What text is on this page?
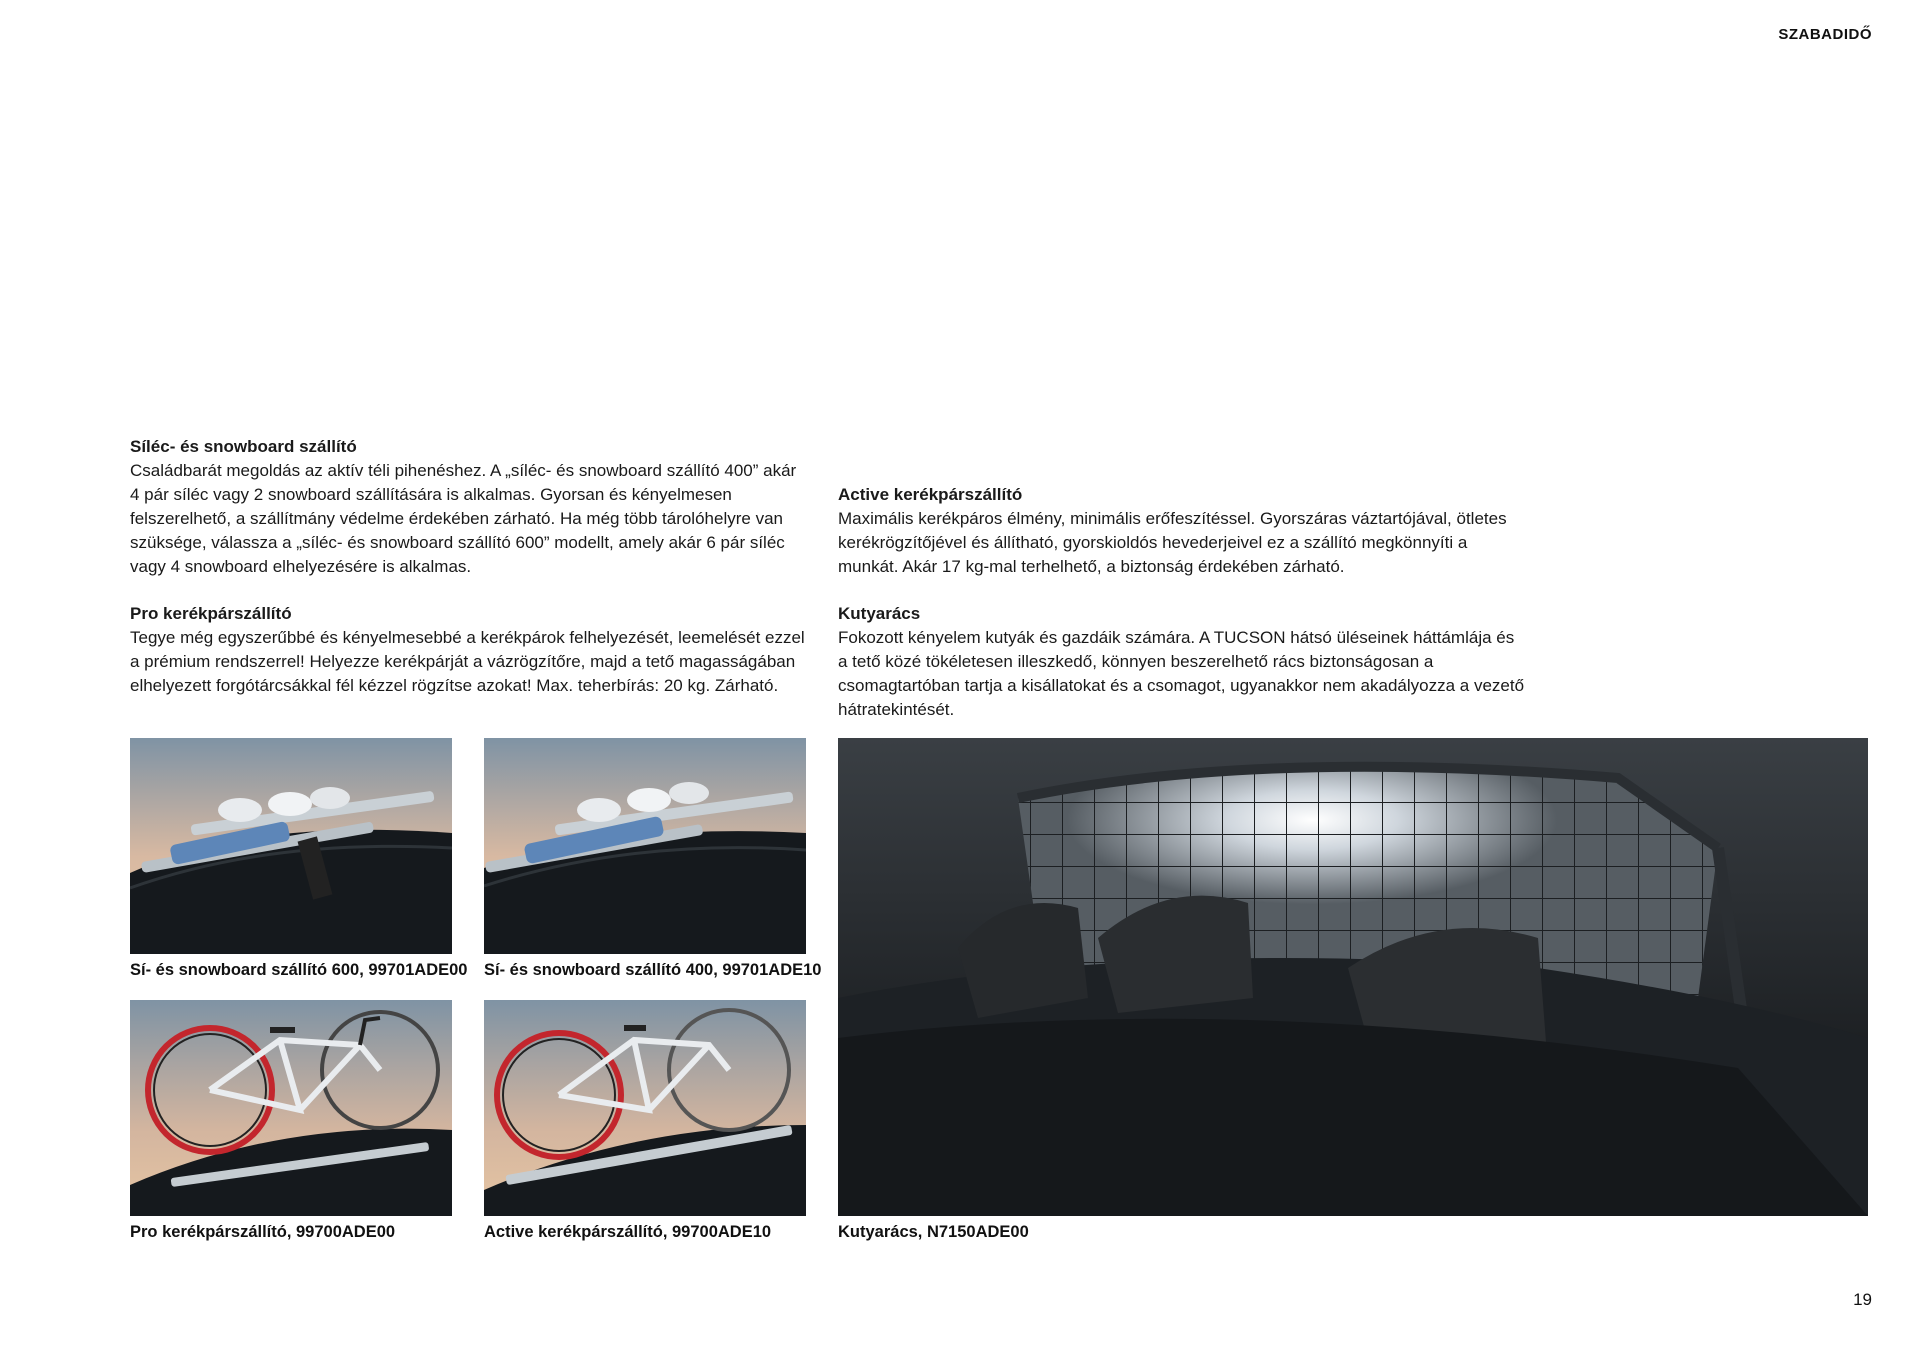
SZABADIDŐ
Síléc- és snowboard szállító

Családbarát megoldás az aktív téli pihenéshez. A „síléc- és snowboard szállító 400” akár 4 pár síléc vagy 2 snowboard szállítására is alkalmas. Gyorsan és kényelmesen felszerelhető, a szállítmány védelme érdekében zárható. Ha még több tárolóhelyre van szüksége, válassza a „síléc- és snowboard szállító 600” modellt, amely akár 6 pár síléc vagy 4 snowboard elhelyezésére is alkalmas.

Pro kerékpárszállító

Tegye még egyszerűbbé és kényelmesebbé a kerékpárok felhelyezését, leemelését ezzel a prémium rendszerrel! Helyezze kerékpárját a vázrögzítőre, majd a tető magasságában elhelyezett forgótárcsákkal fél kézzel rögzítse azokat! Max. teherbírás: 20 kg. Zárható.

Active kerékpárszállító

Maximális kerékpáros élmény, minimális erőfeszítéssel. Gyorszáras váztartójával, ötletes kerékrögzítőjével és állítható, gyorskioldós hevederjeivel ez a szállító megkönnyíti a munkát. Akár 17 kg-mal terhelhető, a biztonság érdekében zárható.

Kutyarács

Fokozott kényelem kutyák és gazdáik számára. A TUCSON hátsó üléseinek háttámlája és a tető közé tökéletesen illeszkedő, könnyen beszerelhető rács biztonságosan a csomagtartóban tartja a kisállatokat és a csomagot, ugyanakkor nem akadályozza a vezető hátratekintését.

Sí- és snowboard szállító 600, 99701ADE00 Sí- és snowboard szállító 400, 99701ADE10
Pro kerékpárszállító, 99700ADE00	Active kerékpárszállító, 99700ADE10	Kutyarács, N7150ADE00
19
